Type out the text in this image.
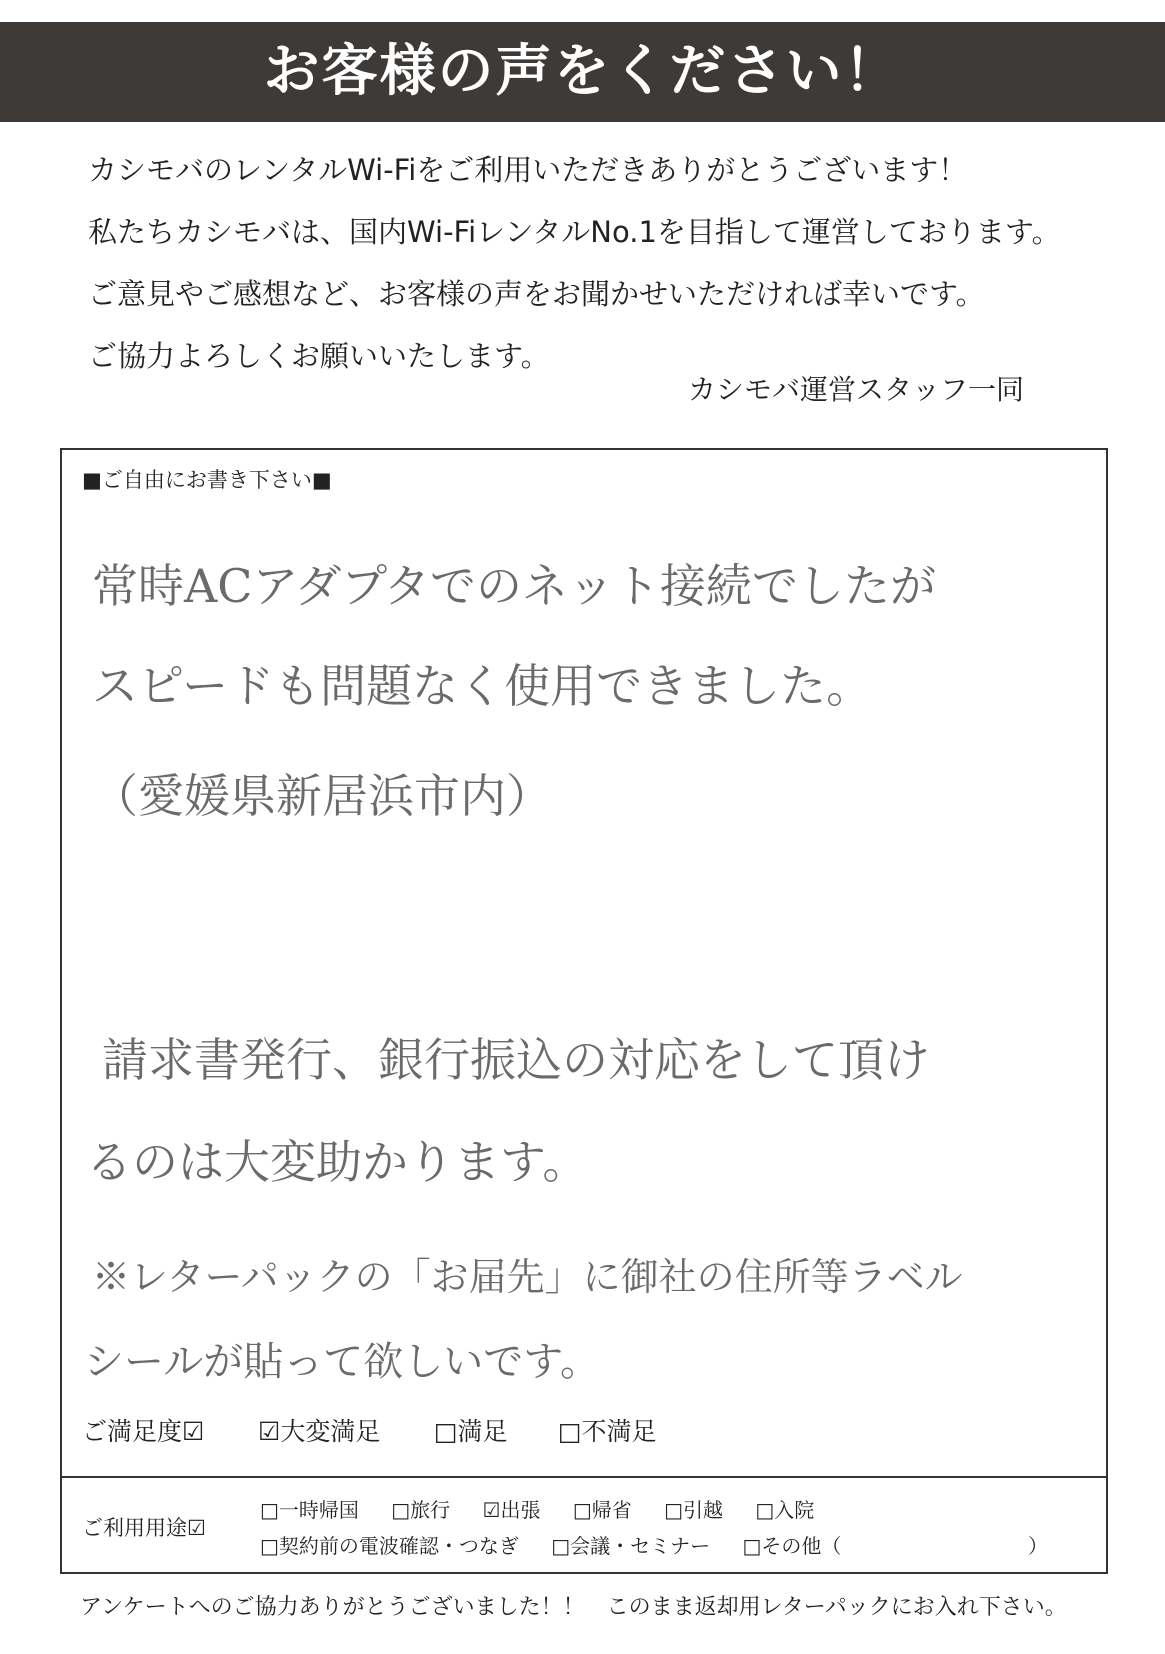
お客様の声をください！
カシモバのレンタルWi-Fiをご利用いただきありがとうございます！
私たちカシモバは、国内Wi-FiレンタルNo.1を目指して運営しております。
ご意見やご感想など、お客様の声をお聞かせいただければ幸いです。
ご協力よろしくお願いいたします。
カシモバ運営スタッフ一同
■ご自由にお書き下さい■
常時ACアダプタでのネット接続でしたが
スピードも問題なく使用できました。
（愛媛県新居浜市内）
請求書発行、銀行振込の対応をして頂け
るのは大変助かります。
※レターパックの「お届先」に御社の住所等ラベル
シールが貼って欲しいです。
ご満足度☑ ☑大変満足 □満足 □不満足
ご利用用途☑
□一時帰国 □旅行 ☑出張 □帰省 □引越 □入院
□契約前の電波確認・つなぎ □会議・セミナー □その他（	）
アンケートへのご協力ありがとうございました！！　このまま返却用レターパックにお入れ下さい。
